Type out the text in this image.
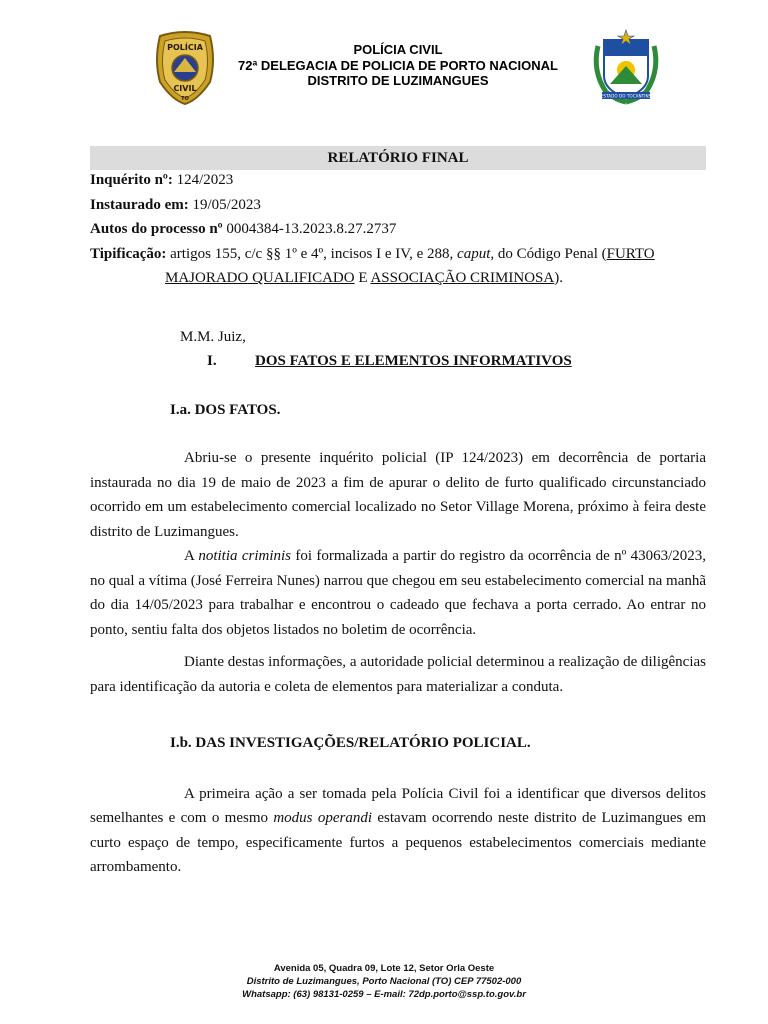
POLÍCIA
CIVIL
TO
POLÍCIA CIVIL
72ª DELEGACIA DE POLICIA DE PORTO NACIONAL
DISTRITO DE LUZIMANGUES
ESTADO DO TOCANTINS
RELATÓRIO FINAL

Inquérito nº: 124/2023

Instaurado em: 19/05/2023

Autos do processo nº 0004384-13.2023.8.27.2737

Tipificação: artigos 155, c/c §§ 1º e 4º, incisos I e IV, e 288, caput, do Código Penal (FURTO

MAJORADO QUALIFICADO E ASSOCIAÇÃO CRIMINOSA).

M.M. Juiz,

I.	DOS FATOS E ELEMENTOS INFORMATIVOS

I.a. DOS FATOS.

Abriu-se o presente inquérito policial (IP 124/2023) em decorrência de portaria instaurada no dia 19 de maio de 2023 a fim de apurar o delito de furto qualificado circunstanciado ocorrido em um estabelecimento comercial localizado no Setor Village Morena, próximo à feira deste distrito de Luzimangues.

A notitia criminis foi formalizada a partir do registro da ocorrência de nº 43063/2023, no qual a vítima (José Ferreira Nunes) narrou que chegou em seu estabelecimento comercial na manhã do dia 14/05/2023 para trabalhar e encontrou o cadeado que fechava a porta cerrado. Ao entrar no ponto, sentiu falta dos objetos listados no boletim de ocorrência.

Diante destas informações, a autoridade policial determinou a realização de diligências para identificação da autoria e coleta de elementos para materializar a conduta.

I.b. DAS INVESTIGAÇÕES/RELATÓRIO POLICIAL.

A primeira ação a ser tomada pela Polícia Civil foi a identificar que diversos delitos semelhantes e com o mesmo modus operandi estavam ocorrendo neste distrito de Luzimangues em curto espaço de tempo, especificamente furtos a pequenos estabelecimentos comerciais mediante arrombamento.

Avenida 05, Quadra 09, Lote 12, Setor Orla Oeste
Distrito de Luzimangues, Porto Nacional (TO) CEP 77502-000
Whatsapp: (63) 98131-0259 – E-mail: 72dp.porto@ssp.to.gov.br
